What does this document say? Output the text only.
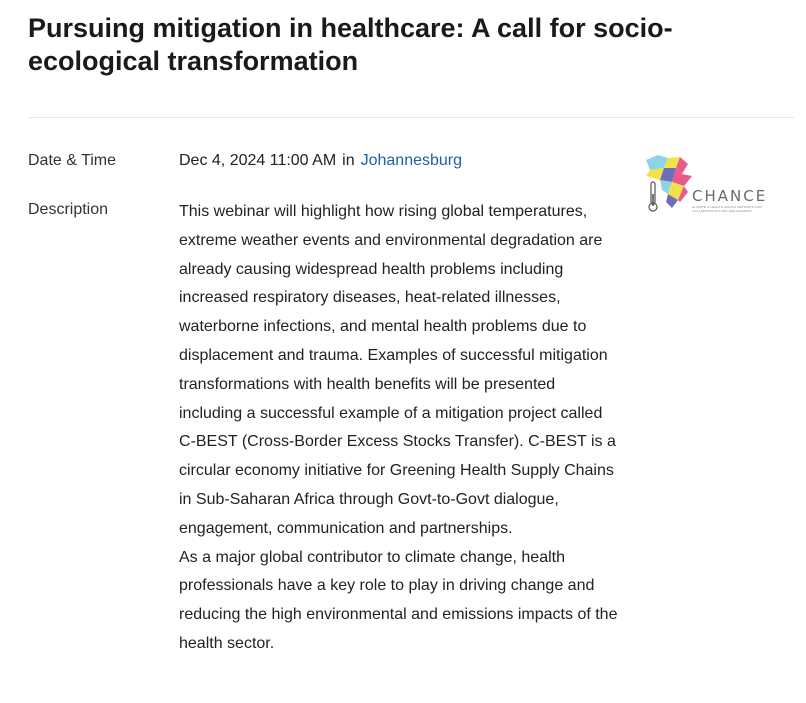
Pursuing mitigation in healthcare: A call for socio-ecological transformation
Date & Time	Dec 4, 2024 11:00 AM in Johannesburg
Description	This webinar will highlight how rising global temperatures, extreme weather events and environmental degradation are already causing widespread health problems including increased respiratory diseases, heat-related illnesses, waterborne infections, and mental health problems due to displacement and trauma. Examples of successful mitigation transformations with health benefits will be presented including a successful example of a mitigation project called C-BEST (Cross-Border Excess Stocks Transfer). C-BEST is a circular economy initiative for Greening Health Supply Chains in Sub-Saharan Africa through Govt-to-Govt dialogue, engagement, communication and partnerships.

As a major global contributor to climate change, health professionals have a key role to play in driving change and reducing the high environmental and emissions impacts of the health sector.

CHANCE
CLIMATE & HEALTH AFRICA NETWORK FOR COLLABORATION AND ENGAGEMENT
